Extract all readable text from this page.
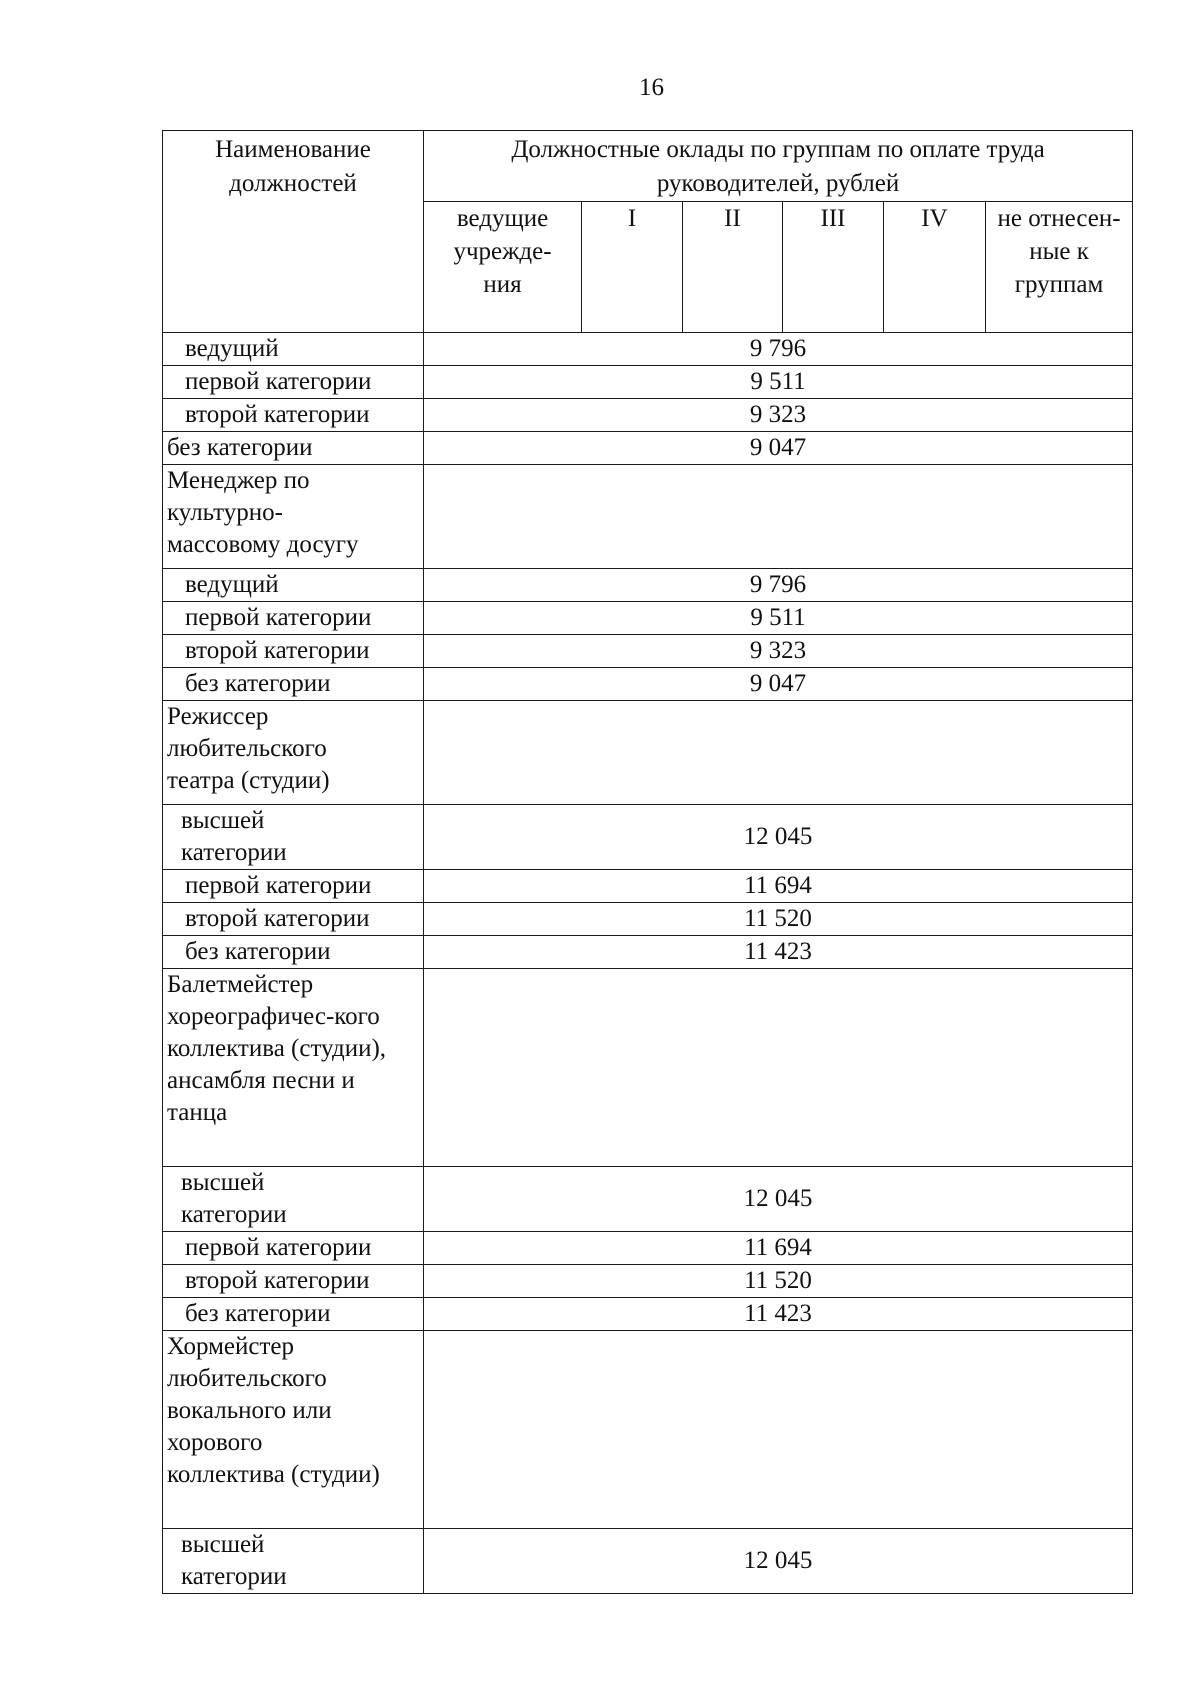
16
Наименование должностей	Должностные оклады по группам по оплате труда руководителей, рублей					
	ведущие учрежде-ния	I	II	III	IV	не отнесен-ные к группам
ведущий	9 796					
первой категории	9 511					
второй категории	9 323					
без категории	9 047					
Менеджер по культурно-массовому досугу						
ведущий	9 796					
первой категории	9 511					
второй категории	9 323					
без категории	9 047					
Режиссер любительского театра (студии)						

высшей категории	12 045					
первой категории	11 694					
второй категории	11 520					
без категории	11 423					
Балетмейстер хореографичес-кого коллектива (студии), ансамбля песни и танца						

высшей категории	12 045					
первой категории	11 694					
второй категории	11 520					
без категории	11 423					
Хормейстер любительского вокального или хорового коллектива (студии)						

высшей категории	12 045					
